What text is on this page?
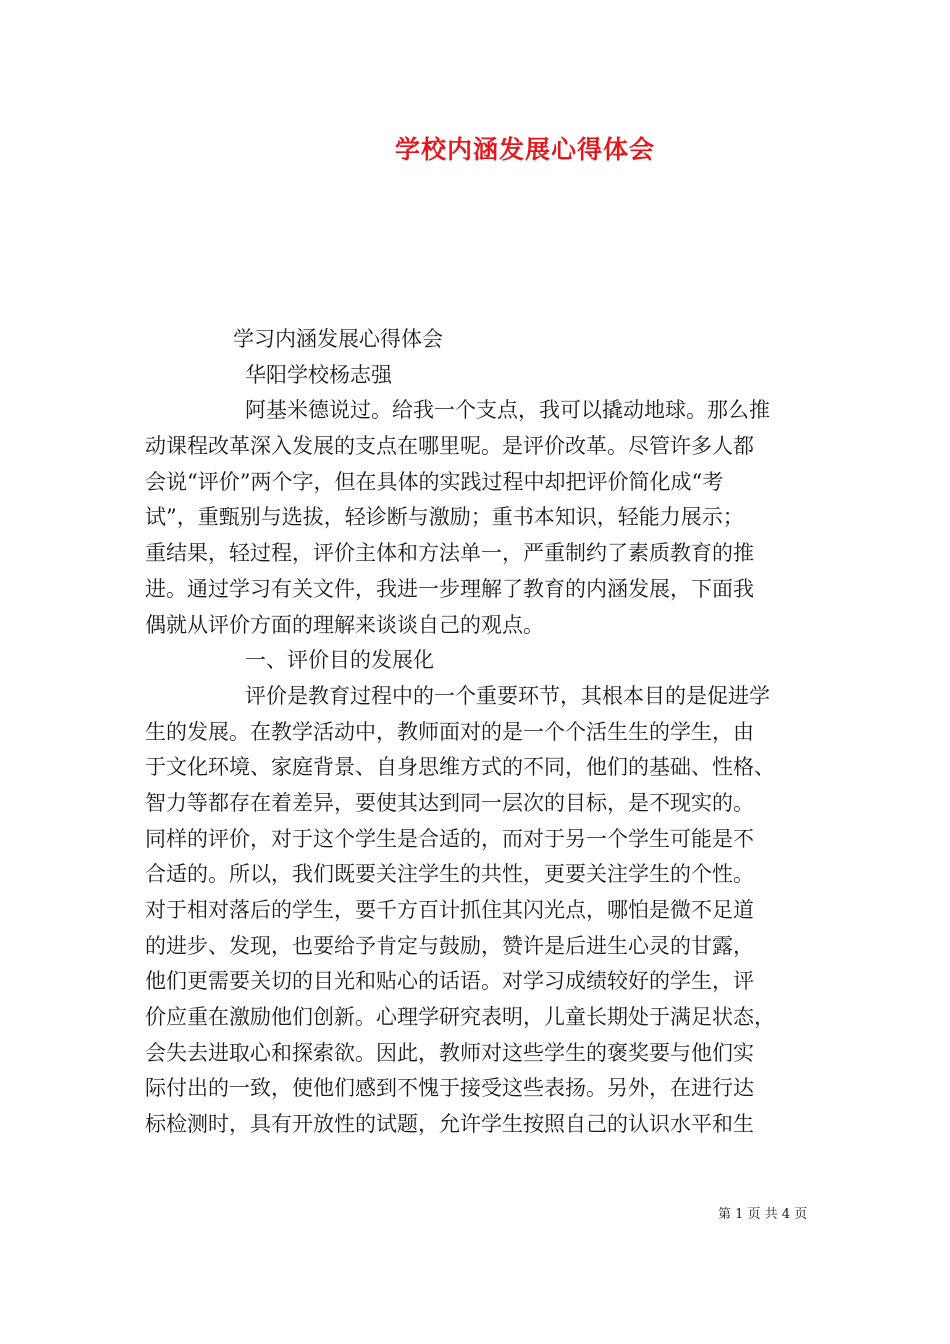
学校内涵发展心得体会
学习内涵发展心得体会
华阳学校杨志强
阿基米德说过。给我一个支点，我可以撬动地球。那么推
动课程改革深入发展的支点在哪里呢。是评价改革。尽管许多人都
会说“评价”两个字，但在具体的实践过程中却把评价简化成“考
试”，重甄别与选拔，轻诊断与激励；重书本知识，轻能力展示；
重结果，轻过程，评价主体和方法单一，严重制约了素质教育的推
进。通过学习有关文件，我进一步理解了教育的内涵发展，下面我
偶就从评价方面的理解来谈谈自己的观点。
一、评价目的发展化
评价是教育过程中的一个重要环节，其根本目的是促进学
生的发展。在教学活动中，教师面对的是一个个活生生的学生，由
于文化环境、家庭背景、自身思维方式的不同，他们的基础、性格、
智力等都存在着差异，要使其达到同一层次的目标，是不现实的。
同样的评价，对于这个学生是合适的，而对于另一个学生可能是不
合适的。所以，我们既要关注学生的共性，更要关注学生的个性。
对于相对落后的学生，要千方百计抓住其闪光点，哪怕是微不足道
的进步、发现，也要给予肯定与鼓励，赞许是后进生心灵的甘露，
他们更需要关切的目光和贴心的话语。对学习成绩较好的学生，评
价应重在激励他们创新。心理学研究表明，儿童长期处于满足状态，
会失去进取心和探索欲。因此，教师对这些学生的褒奖要与他们实
际付出的一致，使他们感到不愧于接受这些表扬。另外，在进行达
标检测时，具有开放性的试题，允许学生按照自己的认识水平和生
第 1 页 共 4 页
